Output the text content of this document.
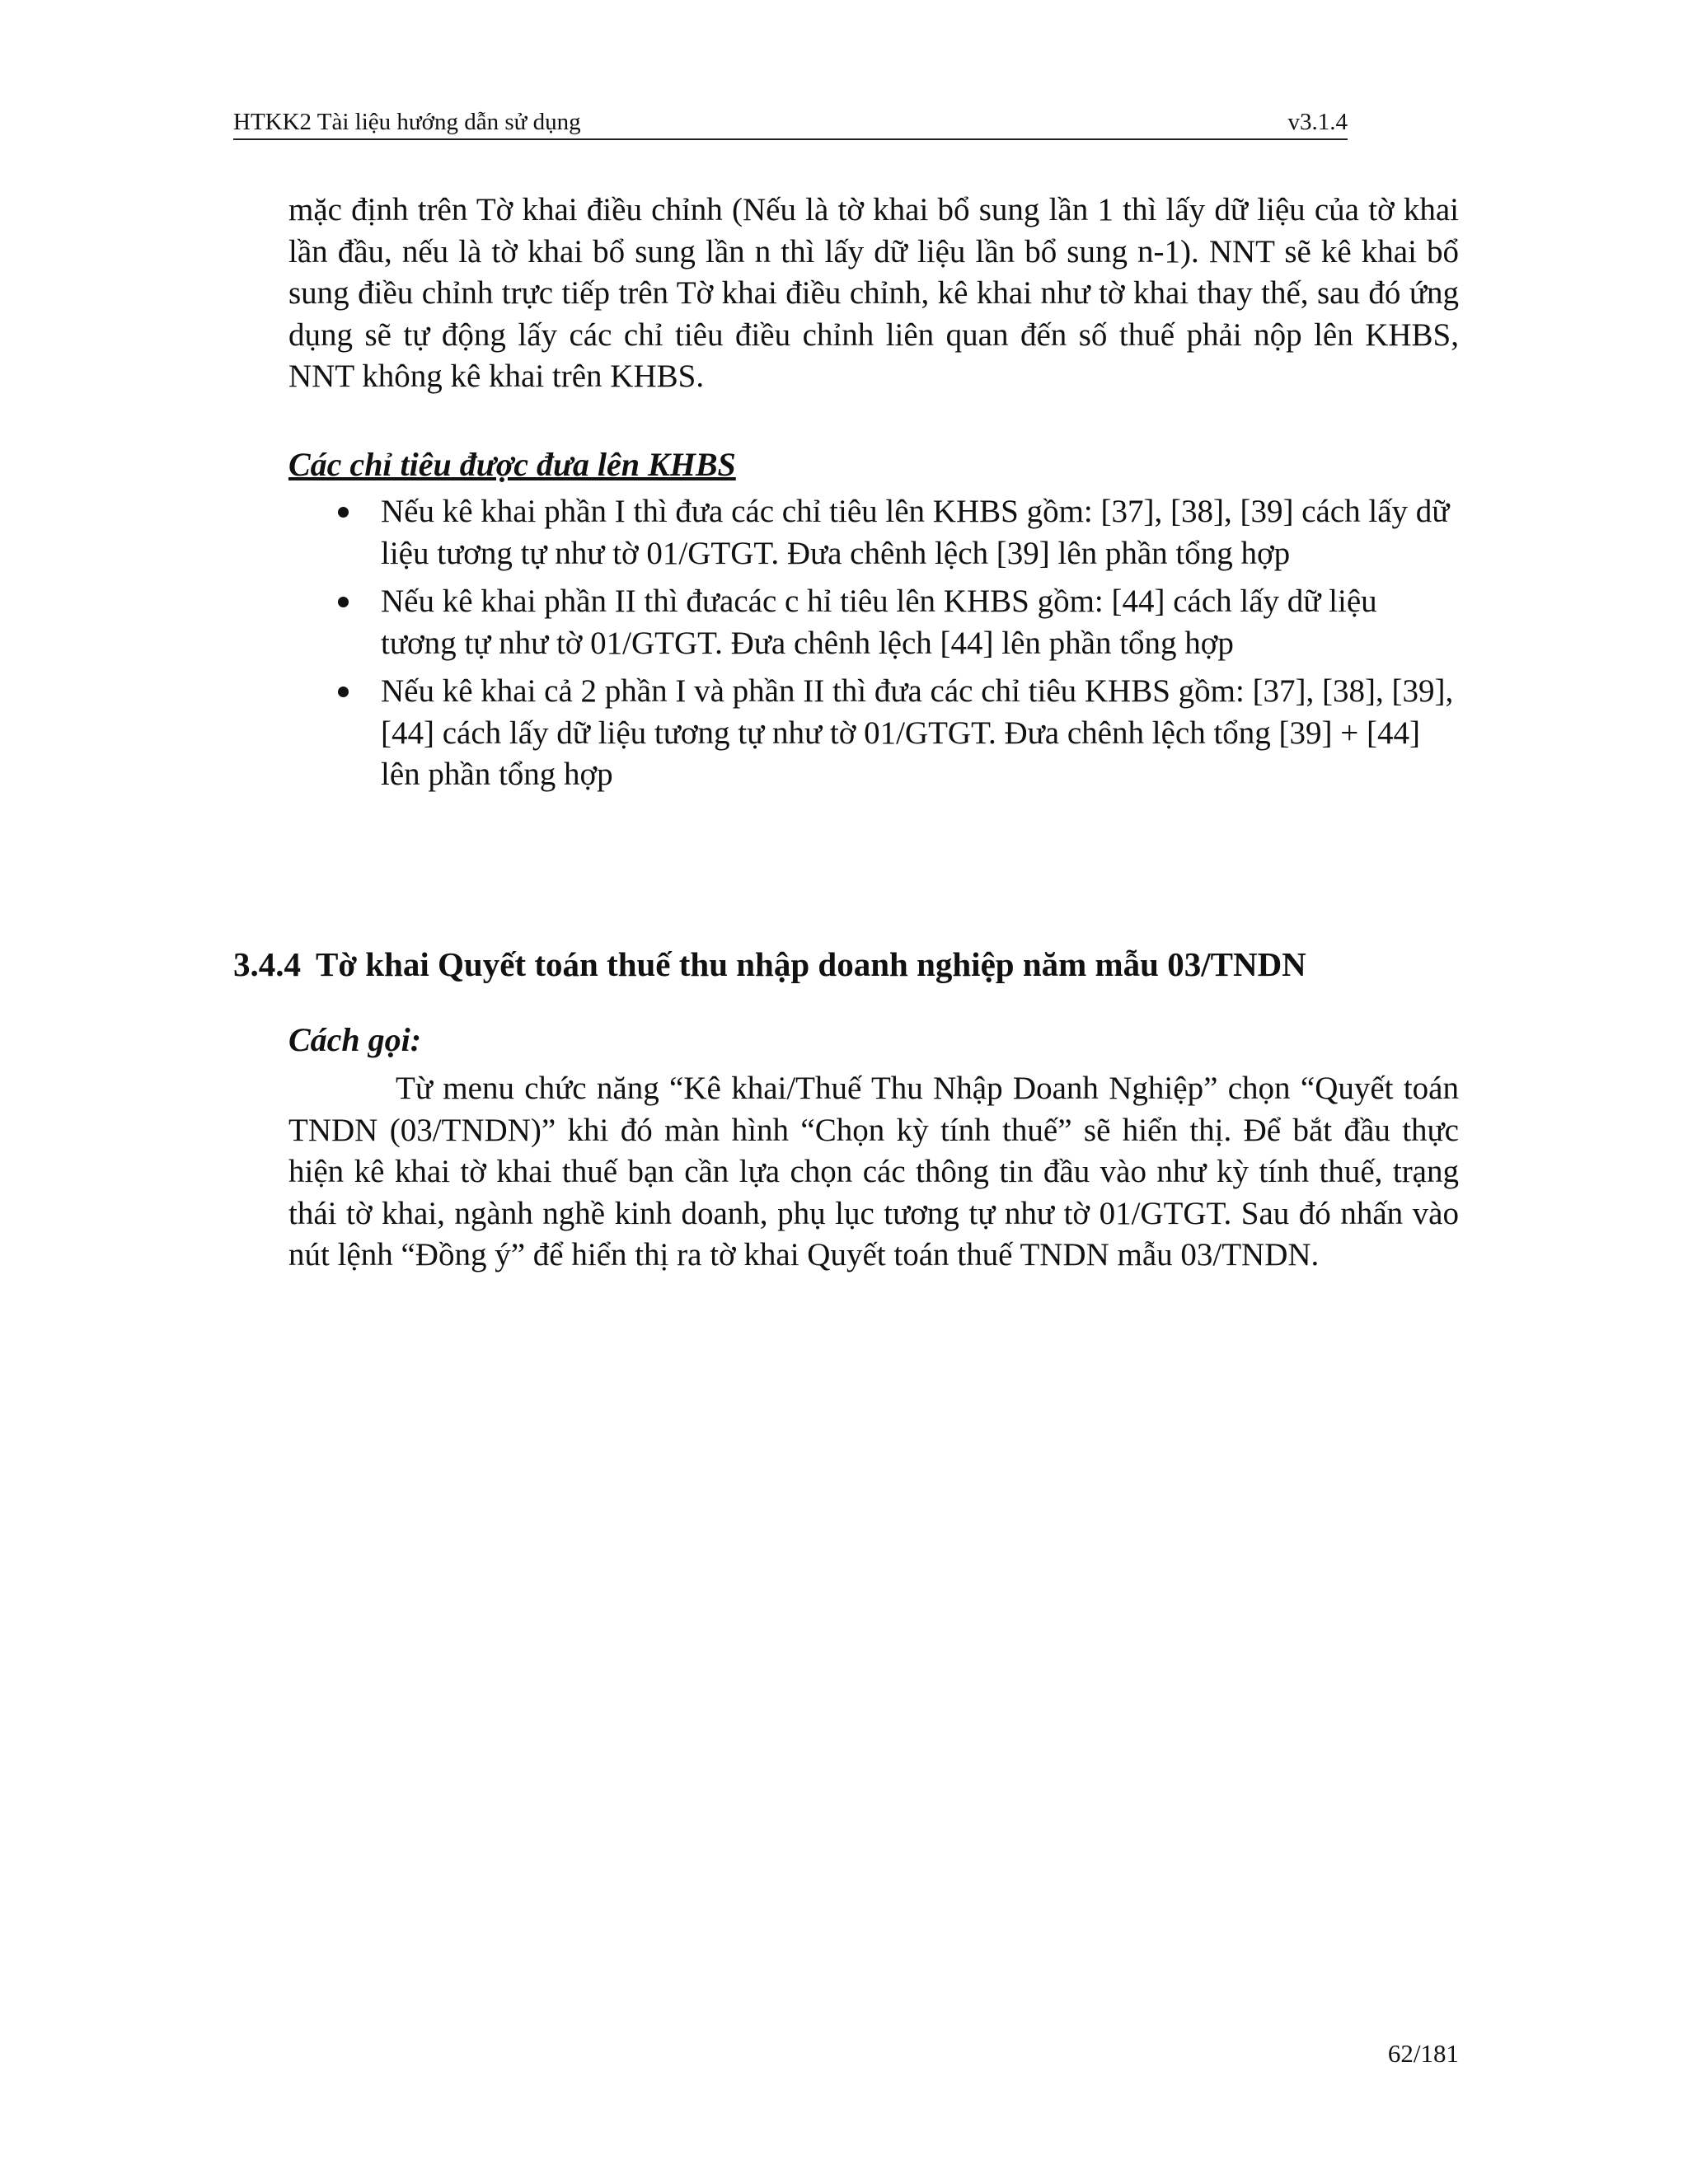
HTKK2 Tài liệu hướng dẫn sử dụng	v3.1.4

mặc định trên Tờ khai điều chỉnh (Nếu là tờ khai bổ sung lần 1 thì lấy dữ liệu của tờ khai lần đầu, nếu là tờ khai bổ sung lần n thì lấy dữ liệu lần bổ sung n-1). NNT sẽ kê khai bổ sung điều chỉnh trực tiếp trên Tờ khai điều chỉnh, kê khai như tờ khai thay thế, sau đó ứng dụng sẽ tự động lấy các chỉ tiêu điều chỉnh liên quan đến số thuế phải nộp lên KHBS, NNT không kê khai trên KHBS.

Các chỉ tiêu được đưa lên KHBS
Nếu kê khai phần I thì đưa các chỉ tiêu lên KHBS gồm: [37], [38], [39] cách lấy dữ liệu tương tự như tờ 01/GTGT. Đưa chênh lệch [39] lên phần tổng hợp
Nếu kê khai phần II thì đưacác c hỉ tiêu lên KHBS gồm: [44] cách lấy dữ liệu tương tự như tờ 01/GTGT. Đưa chênh lệch [44] lên phần tổng hợp
Nếu kê khai cả 2 phần I và phần II thì đưa các chỉ tiêu KHBS gồm: [37], [38], [39], [44] cách lấy dữ liệu tương tự như tờ 01/GTGT. Đưa chênh lệch tổng [39] + [44] lên phần tổng hợp
3.4.4 Tờ khai Quyết toán thuế thu nhập doanh nghiệp năm mẫu 03/TNDN
Cách gọi:

Từ menu chức năng “Kê khai/Thuế Thu Nhập Doanh Nghiệp” chọn “Quyết toán TNDN (03/TNDN)” khi đó màn hình “Chọn kỳ tính thuế” sẽ hiển thị. Để bắt đầu thực hiện kê khai tờ khai thuế bạn cần lựa chọn các thông tin đầu vào như kỳ tính thuế, trạng thái tờ khai, ngành nghề kinh doanh, phụ lục tương tự như tờ 01/GTGT. Sau đó nhấn vào nút lệnh “Đồng ý” để hiển thị ra tờ khai Quyết toán thuế TNDN mẫu 03/TNDN.

62/181
